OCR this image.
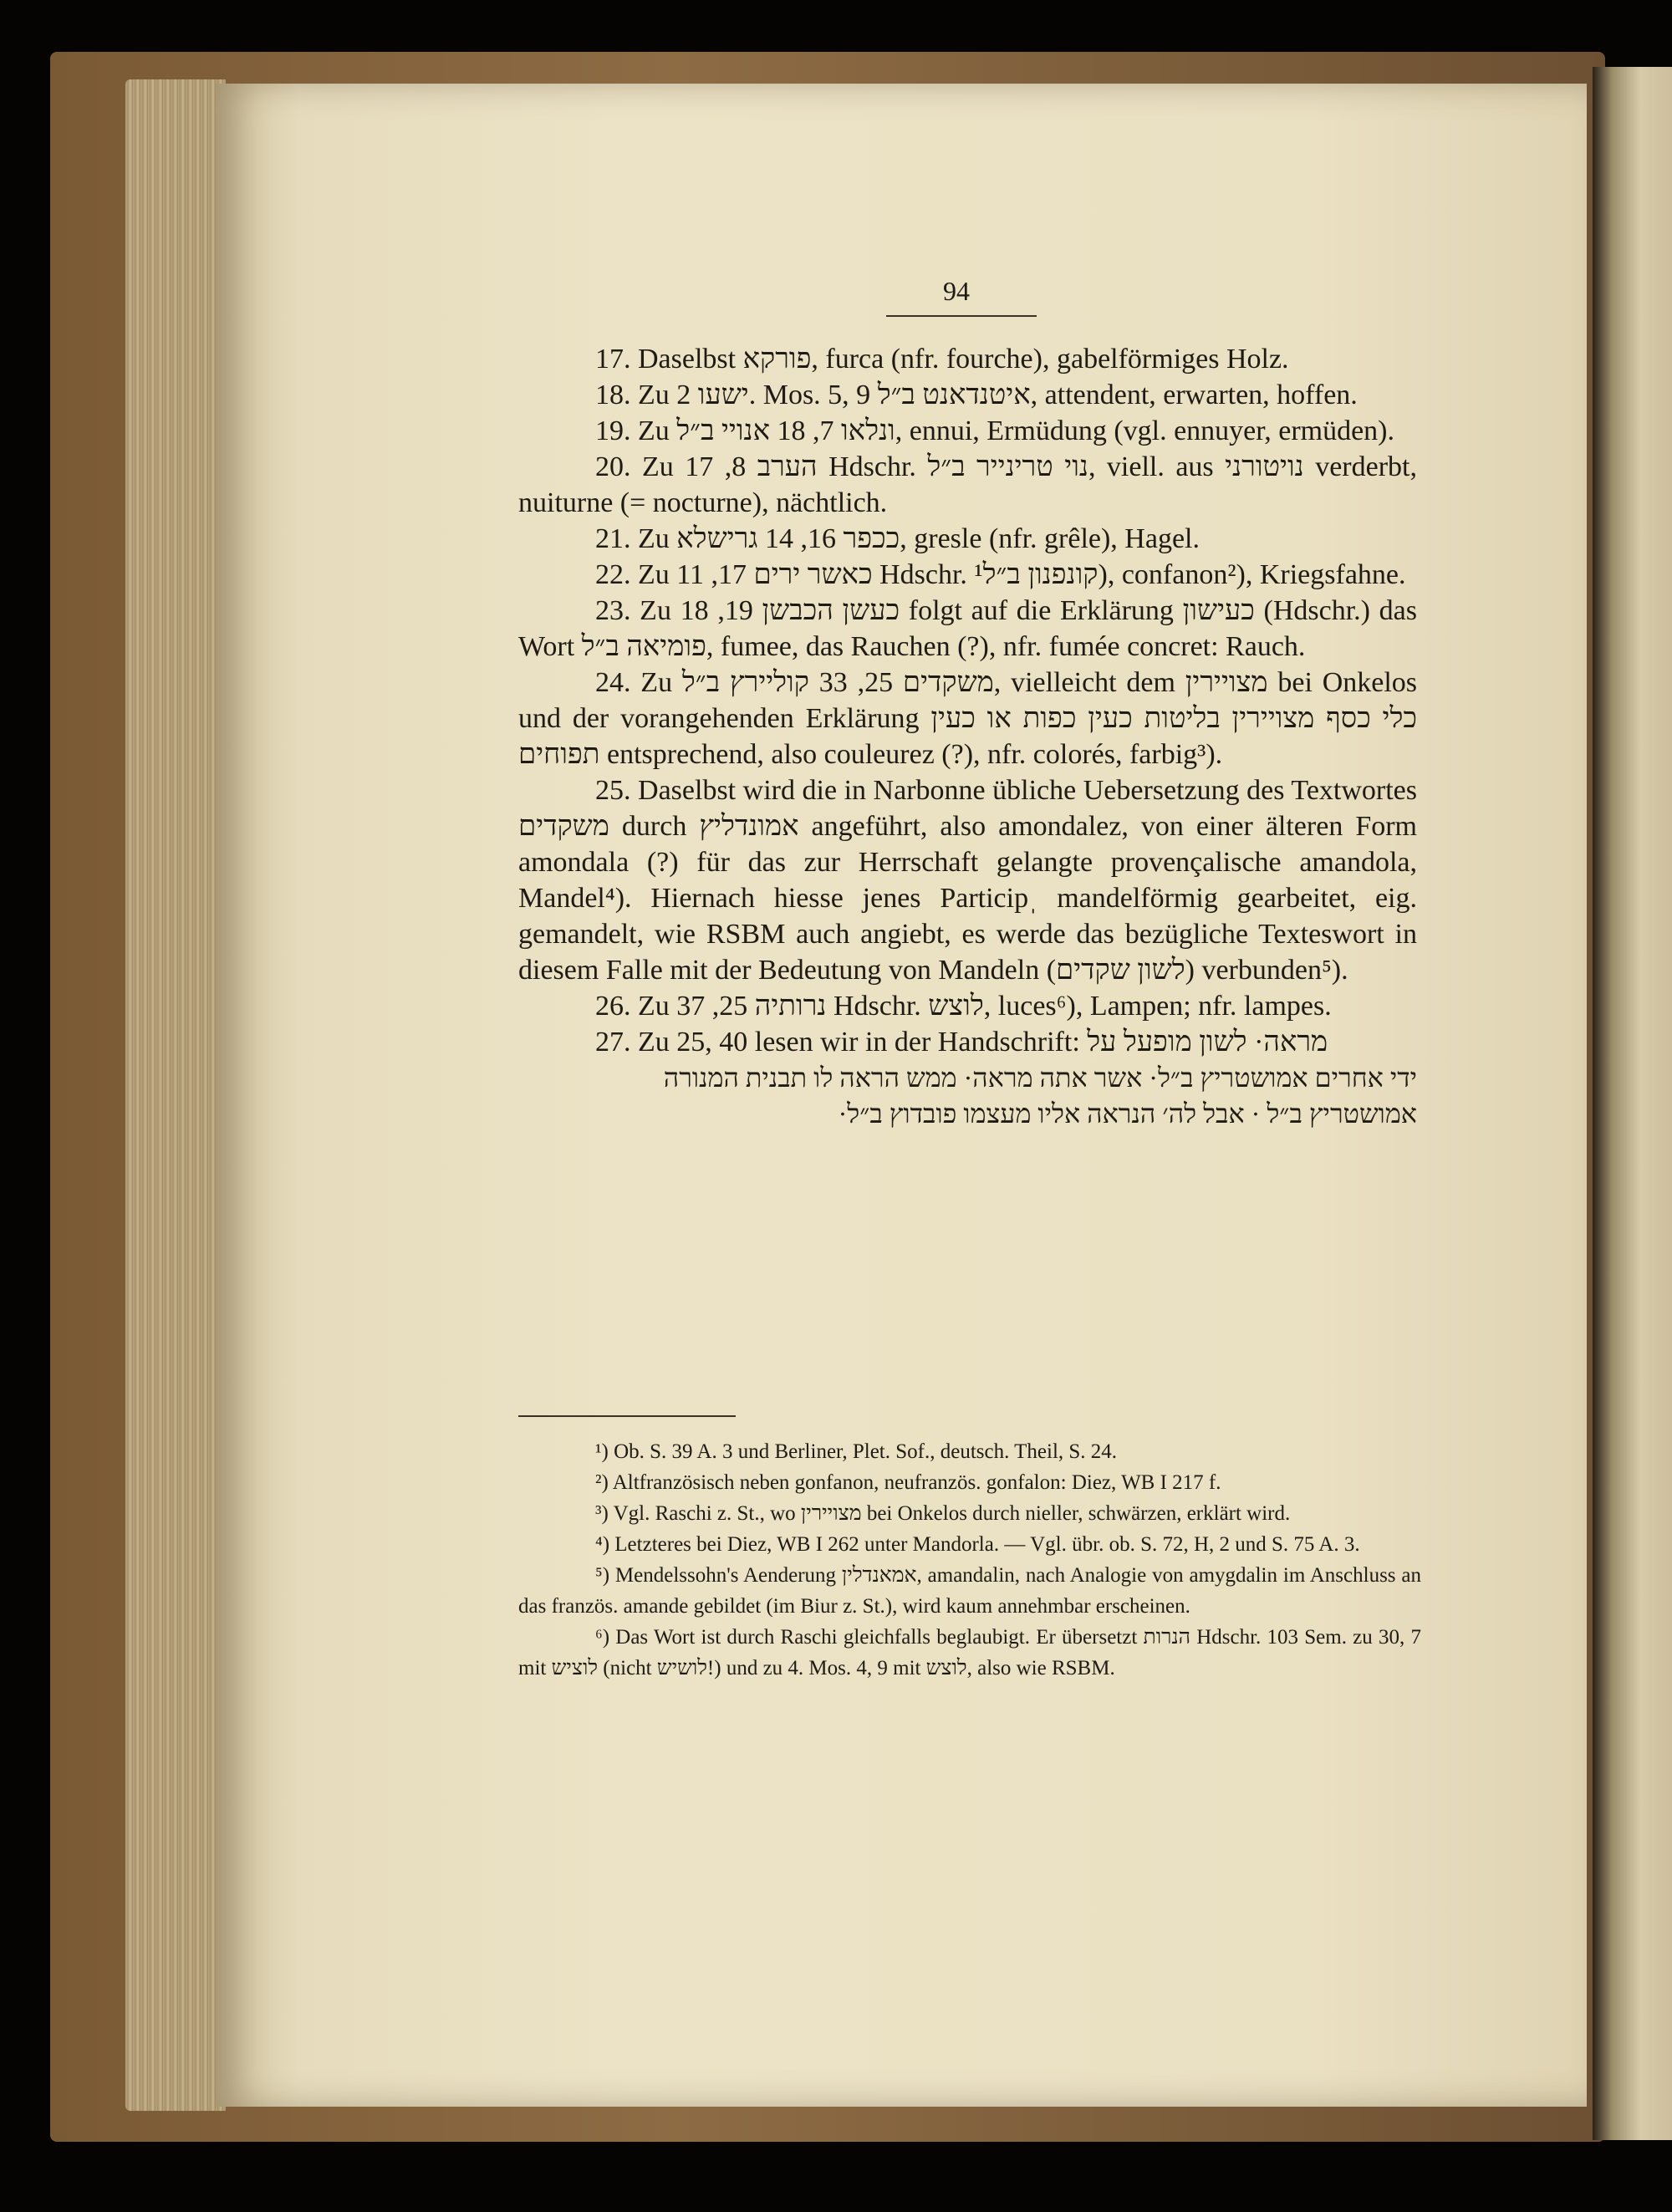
94

17. Daselbst פורקא, furca (nfr. fourche), gabelförmiges Holz.

18. Zu ישעו 2. Mos. 5, 9 איטנדאנט ב״ל, attendent, erwarten, hoffen.

19. Zu ונלאו 7, 18 אנויי ב״ל, ennui, Ermüdung (vgl. ennuyer, ermüden).

20. Zu הערב 8, 17 Hdschr. נוי טרינייר ב״ל, viell. aus נויטורני verderbt, nuiturne (= nocturne), nächtlich.

21. Zu ככפר 16, 14 גרישלא, gresle (nfr. grêle), Hagel.

22. Zu כאשר ירים 17, 11 Hdschr. קונפנון ב״ל¹), confanon²), Kriegsfahne.

23. Zu כעשן הכבשן 19, 18 folgt auf die Erklärung כעישון (Hdschr.) das Wort פומיאה ב״ל, fumee, das Rauchen (?), nfr. fumée concret: Rauch.

24. Zu משקדים 25, 33 קוליירץ ב״ל, vielleicht dem מצויירין bei Onkelos und der vorangehenden Erklärung כלי כסף מצויירין בליטות כעין כפות או כעין תפוחים entsprechend, also couleurez (?), nfr. colorés, farbig³).

25. Daselbst wird die in Narbonne übliche Uebersetzung des Textwortes משקדים durch אמונדליץ angeführt, also amondalez, von einer älteren Form amondala (?) für das zur Herrschaft gelangte provençalische amandola, Mandel⁴). Hiernach hiesse jenes Participˌ mandelförmig gearbeitet, eig. gemandelt, wie RSBM auch angiebt, es werde das bezügliche Texteswort in diesem Falle mit der Bedeutung von Mandeln (לשון שקדים) verbunden⁵).

26. Zu נרותיה 25, 37 Hdschr. לוצש, luces⁶), Lampen; nfr. lampes.

27. Zu 25, 40 lesen wir in der Handschrift: מראה· לשון מופעל על

ידי אחרים אמושטריץ ב״ל· אשר אתה מראה· ממש הראה לו תבנית המנורה

אמושטריץ ב״ל · אבל לה׳ הנראה אליו מעצמו פובדוץ ב״ל·

¹) Ob. S. 39 A. 3 und Berliner, Plet. Sof., deutsch. Theil, S. 24.

²) Altfranzösisch neben gonfanon, neufranzös. gonfalon: Diez, WB I 217 f.

³) Vgl. Raschi z. St., wo מצויירין bei Onkelos durch nieller, schwärzen, erklärt wird.

⁴) Letzteres bei Diez, WB I 262 unter Mandorla. — Vgl. übr. ob. S. 72, H, 2 und S. 75 A. 3.

⁵) Mendelssohn's Aenderung אמאנדלין, amandalin, nach Analogie von amygdalin im Anschluss an das französ. amande gebildet (im Biur z. St.), wird kaum annehmbar erscheinen.

⁶) Das Wort ist durch Raschi gleichfalls beglaubigt. Er übersetzt הנרות Hdschr. 103 Sem. zu 30, 7 mit לוציש (nicht לושיש!) und zu 4. Mos. 4, 9 mit לוצש, also wie RSBM.
